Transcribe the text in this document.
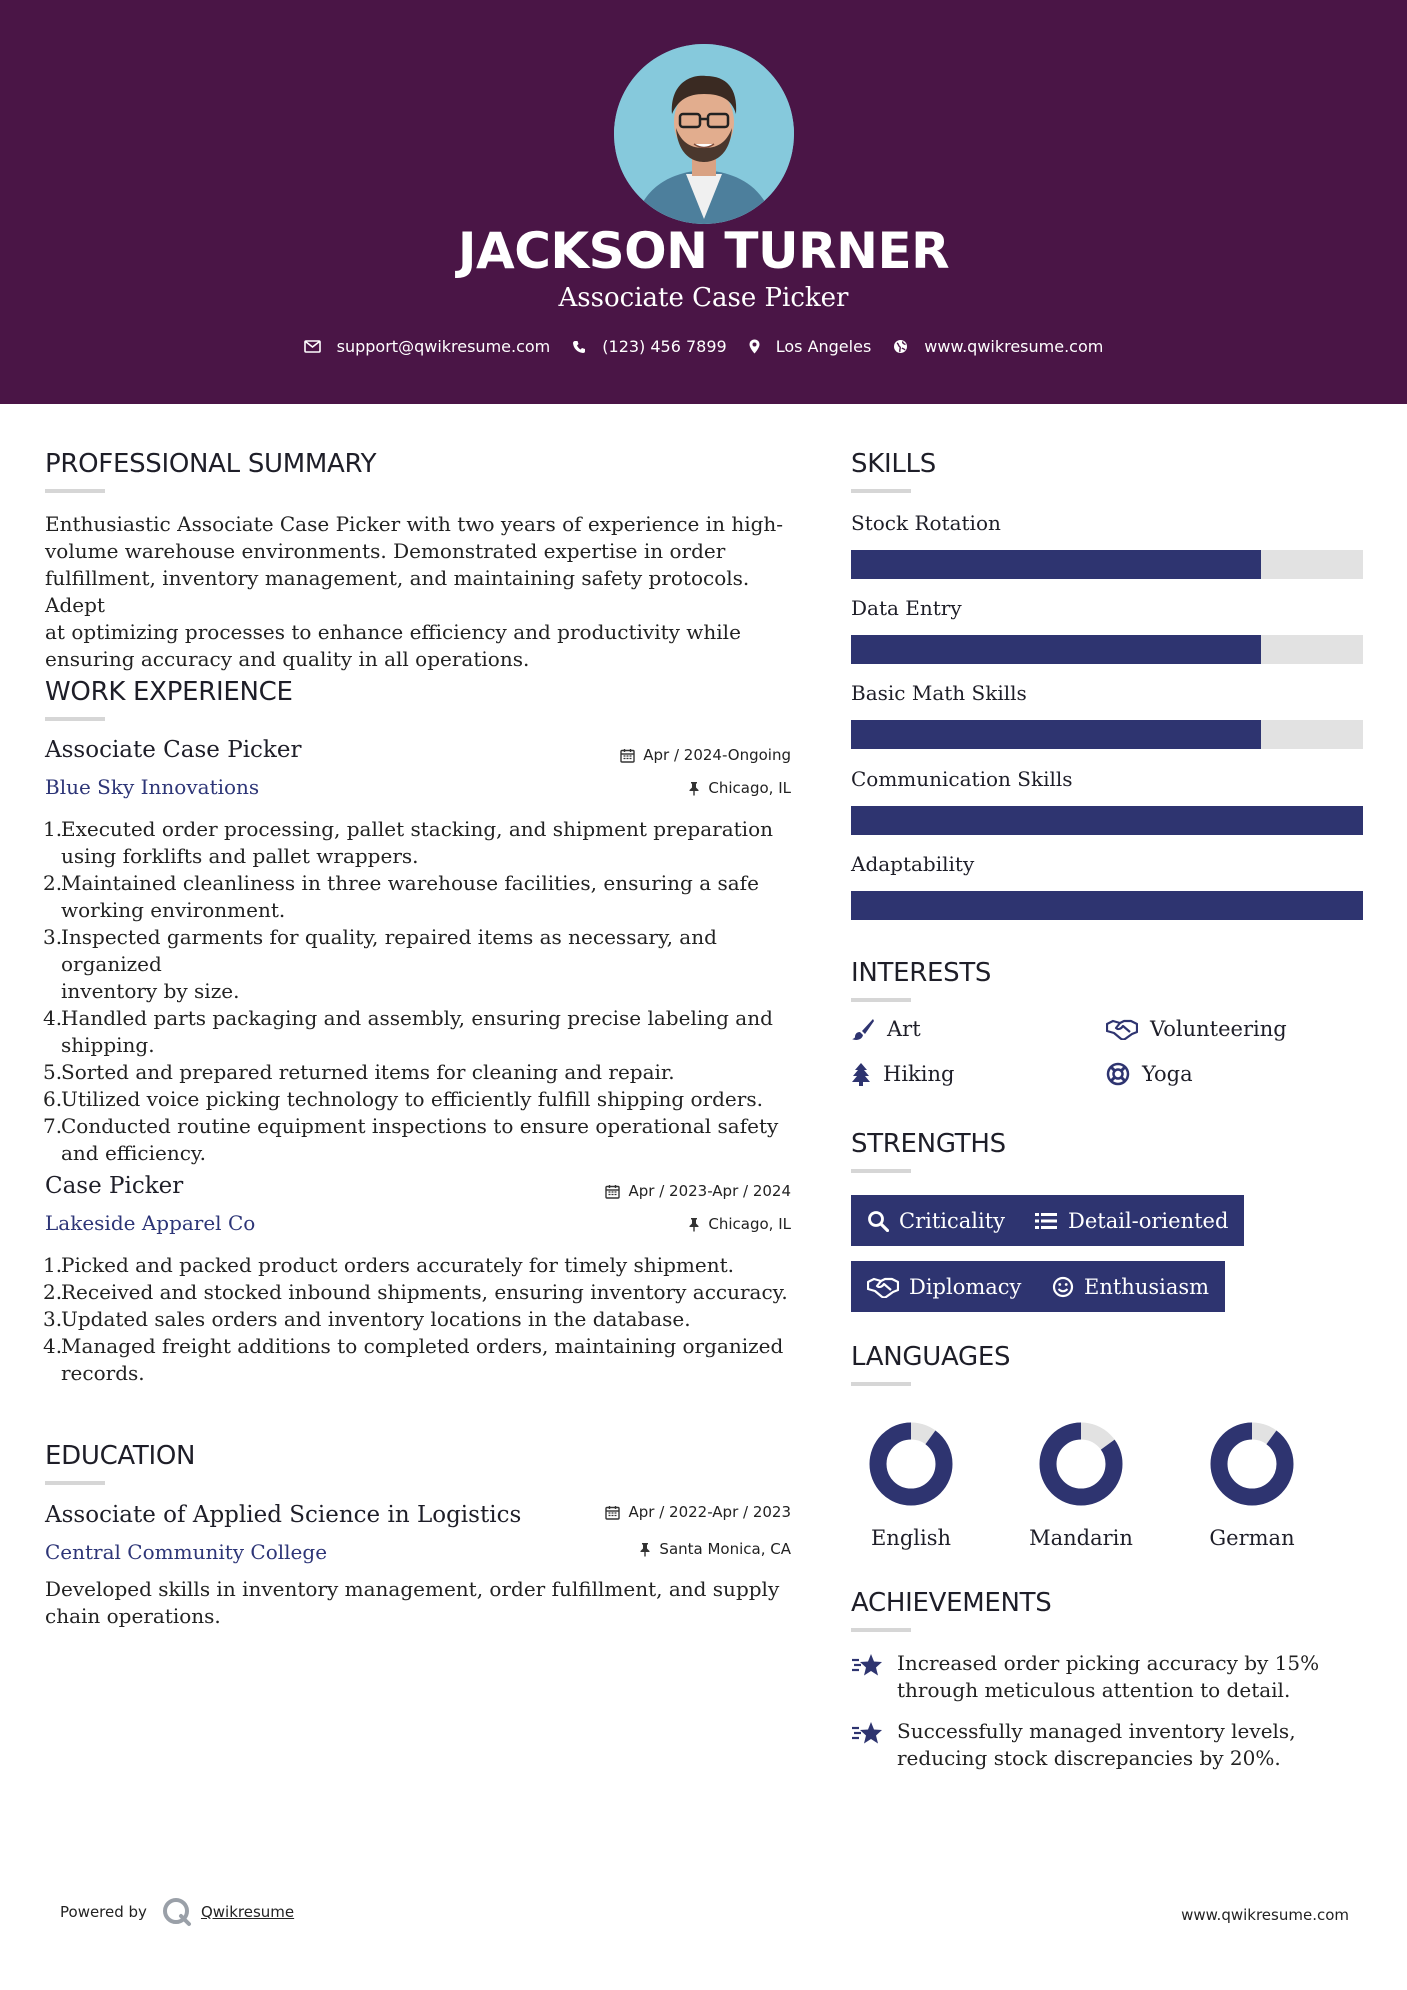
JACKSON TURNER
Associate Case Picker
support@qwikresume.com	(123) 456 7899	Los Angeles	www.qwikresume.com
PROFESSIONAL SUMMARY
Enthusiastic Associate Case Picker with two years of experience in high-
volume warehouse environments. Demonstrated expertise in order
fulfillment, inventory management, and maintaining safety protocols. Adept
at optimizing processes to enhance efficiency and productivity while
ensuring accuracy and quality in all operations.
WORK EXPERIENCE
Associate Case Picker	Apr / 2024-Ongoing
Blue Sky Innovations	Chicago, IL
1.
Executed order processing, pallet stacking, and shipment preparation
using forklifts and pallet wrappers.
2.
Maintained cleanliness in three warehouse facilities, ensuring a safe
working environment.
3.
Inspected garments for quality, repaired items as necessary, and organized
inventory by size.
4.
Handled parts packaging and assembly, ensuring precise labeling and
shipping.
5.
Sorted and prepared returned items for cleaning and repair.
6.
Utilized voice picking technology to efficiently fulfill shipping orders.
7.
Conducted routine equipment inspections to ensure operational safety
and efficiency.
Case Picker	Apr / 2023-Apr / 2024
Lakeside Apparel Co	Chicago, IL
1.
Picked and packed product orders accurately for timely shipment.
2.
Received and stocked inbound shipments, ensuring inventory accuracy.
3.
Updated sales orders and inventory locations in the database.
4.
Managed freight additions to completed orders, maintaining organized
records.
EDUCATION
Associate of Applied Science in Logistics	Apr / 2022-Apr / 2023
Central Community College	Santa Monica, CA
Developed skills in inventory management, order fulfillment, and supply
chain operations.
SKILLS
Stock Rotation
Data Entry
Basic Math Skills
Communication Skills
Adaptability
INTERESTS
Art	Volunteering
Hiking	Yoga
STRENGTHS
Criticality	Detail-oriented
Diplomacy	Enthusiasm
LANGUAGES
English	Mandarin	German
ACHIEVEMENTS
Increased order picking accuracy by 15%
through meticulous attention to detail.
Successfully managed inventory levels,
reducing stock discrepancies by 20%.
Powered by	Qwikresume	www.qwikresume.com
